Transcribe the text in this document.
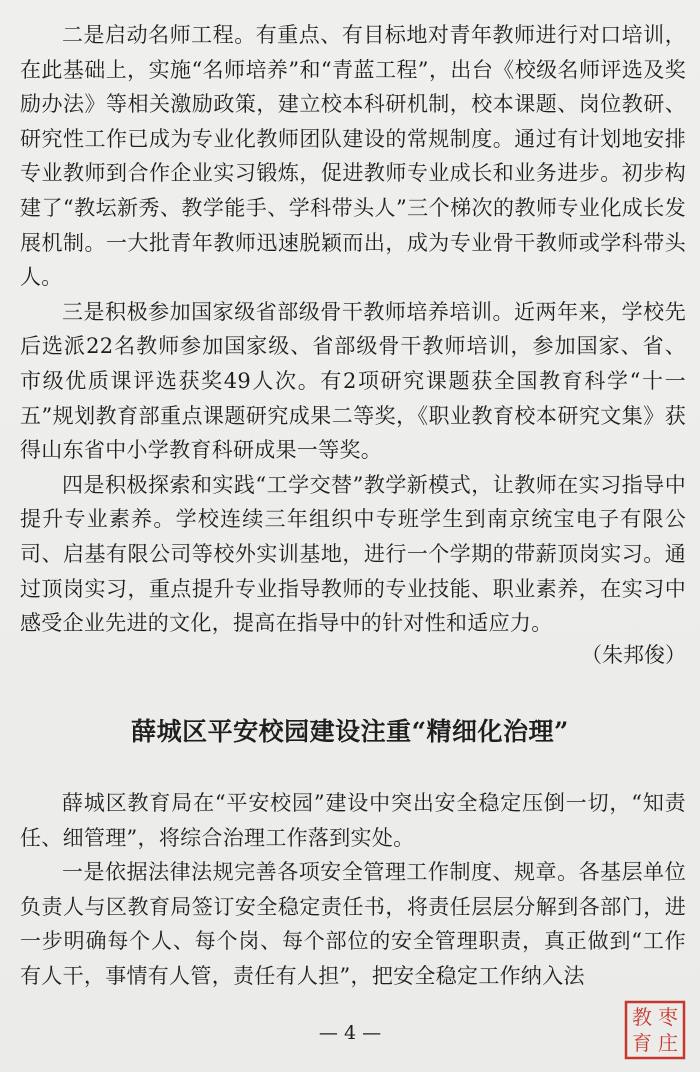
二是启动名师工程。有重点、有目标地对青年教师进行对口培训，在此基础上，实施“名师培养”和“青蓝工程”，出台《校级名师评选及奖励办法》等相关激励政策，建立校本科研机制，校本课题、岗位教研、研究性工作已成为专业化教师团队建设的常规制度。通过有计划地安排专业教师到合作企业实习锻炼，促进教师专业成长和业务进步。初步构建了“教坛新秀、教学能手、学科带头人”三个梯次的教师专业化成长发展机制。一大批青年教师迅速脱颖而出，成为专业骨干教师或学科带头人。

三是积极参加国家级省部级骨干教师培养培训。近两年来，学校先后选派22名教师参加国家级、省部级骨干教师培训，参加国家、省、市级优质课评选获奖49人次。有2项研究课题获全国教育科学“十一五”规划教育部重点课题研究成果二等奖，《职业教育校本研究文集》获得山东省中小学教育科研成果一等奖。

四是积极探索和实践“工学交替”教学新模式，让教师在实习指导中提升专业素养。学校连续三年组织中专班学生到南京统宝电子有限公司、启基有限公司等校外实训基地，进行一个学期的带薪顶岗实习。通过顶岗实习，重点提升专业指导教师的专业技能、职业素养，在实习中感受企业先进的文化，提高在指导中的针对性和适应力。

（朱邦俊）
薛城区平安校园建设注重“精细化治理”

薛城区教育局在“平安校园”建设中突出安全稳定压倒一切，“知责任、细管理”，将综合治理工作落到实处。

一是依据法律法规完善各项安全管理工作制度、规章。各基层单位负责人与区教育局签订安全稳定责任书，将责任层层分解到各部门，进一步明确每个人、每个岗、每个部位的安全管理职责，真正做到“工作有人干，事情有人管，责任有人担”，把安全稳定工作纳入法

— 4 —
枣
庄
教
育
